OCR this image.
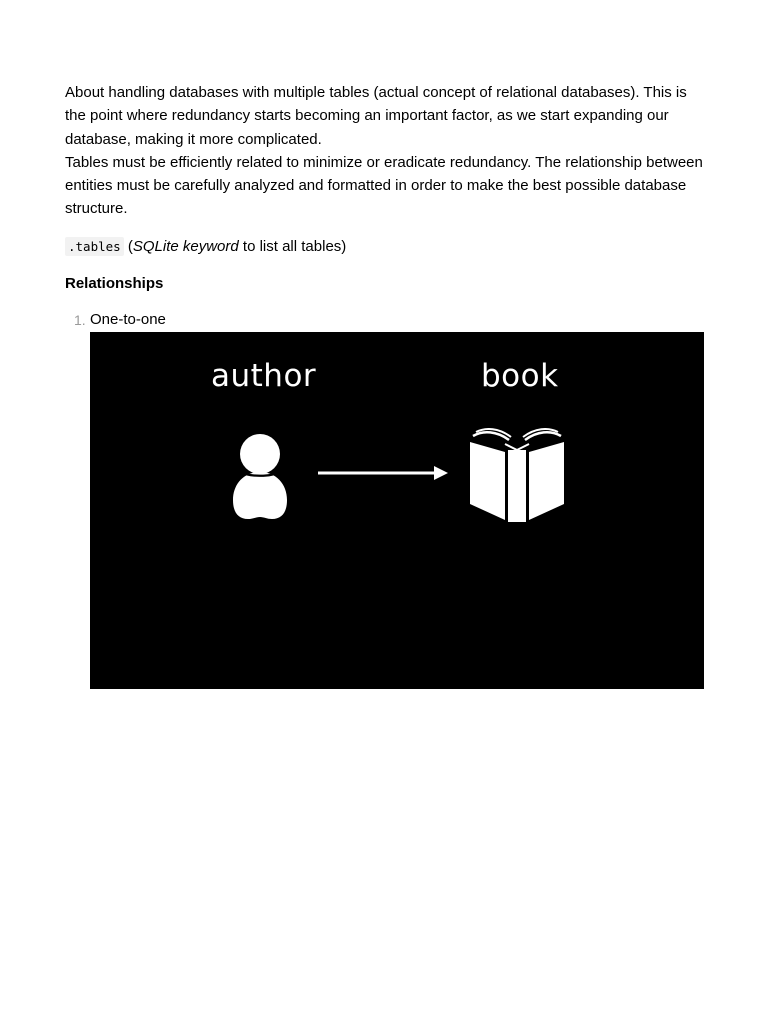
About handling databases with multiple tables (actual concept of relational databases). This is the point where redundancy starts becoming an important factor, as we start expanding our database, making it more complicated.

Tables must be efficiently related to minimize or eradicate redundancy. The relationship between entities must be carefully analyzed and formatted in order to make the best possible database structure.

.tables (SQLite keyword to list all tables)
Relationships
1. One-to-one
author	book
